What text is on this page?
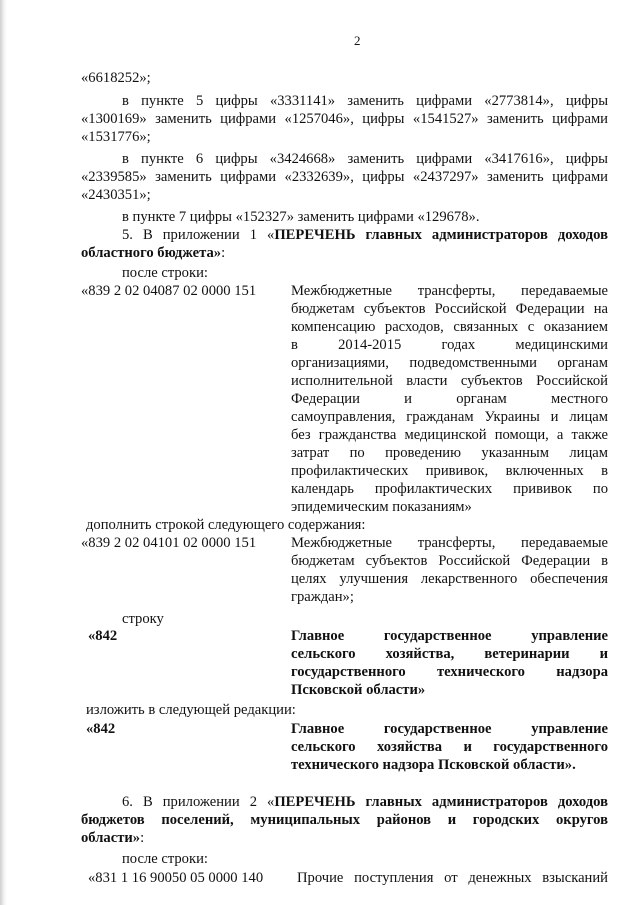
2
«6618252»;
в пункте 5 цифры «3331141» заменить цифрами «2773814», цифры
«1300169» заменить цифрами «1257046», цифры «1541527» заменить цифрами
«1531776»;
в пункте 6 цифры «3424668» заменить цифрами «3417616», цифры
«2339585» заменить цифрами «2332639», цифры «2437297» заменить цифрами
«2430351»;
в пункте 7 цифры «152327» заменить цифрами «129678».
5. В приложении 1 «ПЕРЕЧЕНЬ главных администраторов доходов
областного бюджета»:
после строки:
«839 2 02 04087 02 0000 151 Межбюджетные трансферты, передаваемые
бюджетам субъектов Российской Федерации на
компенсацию расходов, связанных с оказанием
в 2014-2015 годах медицинскими
организациями, подведомственными органам
исполнительной власти субъектов Российской
Федерации и органам местного
самоуправления, гражданам Украины и лицам
без гражданства медицинской помощи, а также
затрат по проведению указанным лицам
профилактических прививок, включенных в
календарь профилактических прививок по
эпидемическим показаниям»
дополнить строкой следующего содержания:
«839 2 02 04101 02 0000 151 Межбюджетные трансферты, передаваемые
бюджетам субъектов Российской Федерации в
целях улучшения лекарственного обеспечения
граждан»;
строку
«842	Главное государственное управление
сельского хозяйства, ветеринарии и
государственного технического надзора
Псковской области»
изложить в следующей редакции:
«842	Главное государственное управление
сельского хозяйства и государственного
технического надзора Псковской области».
6. В приложении 2 «ПЕРЕЧЕНЬ главных администраторов доходов
бюджетов поселений, муниципальных районов и городских округов
области»:
после строки:
«831 1 16 90050 05 0000 140 Прочие поступления от денежных взысканий
